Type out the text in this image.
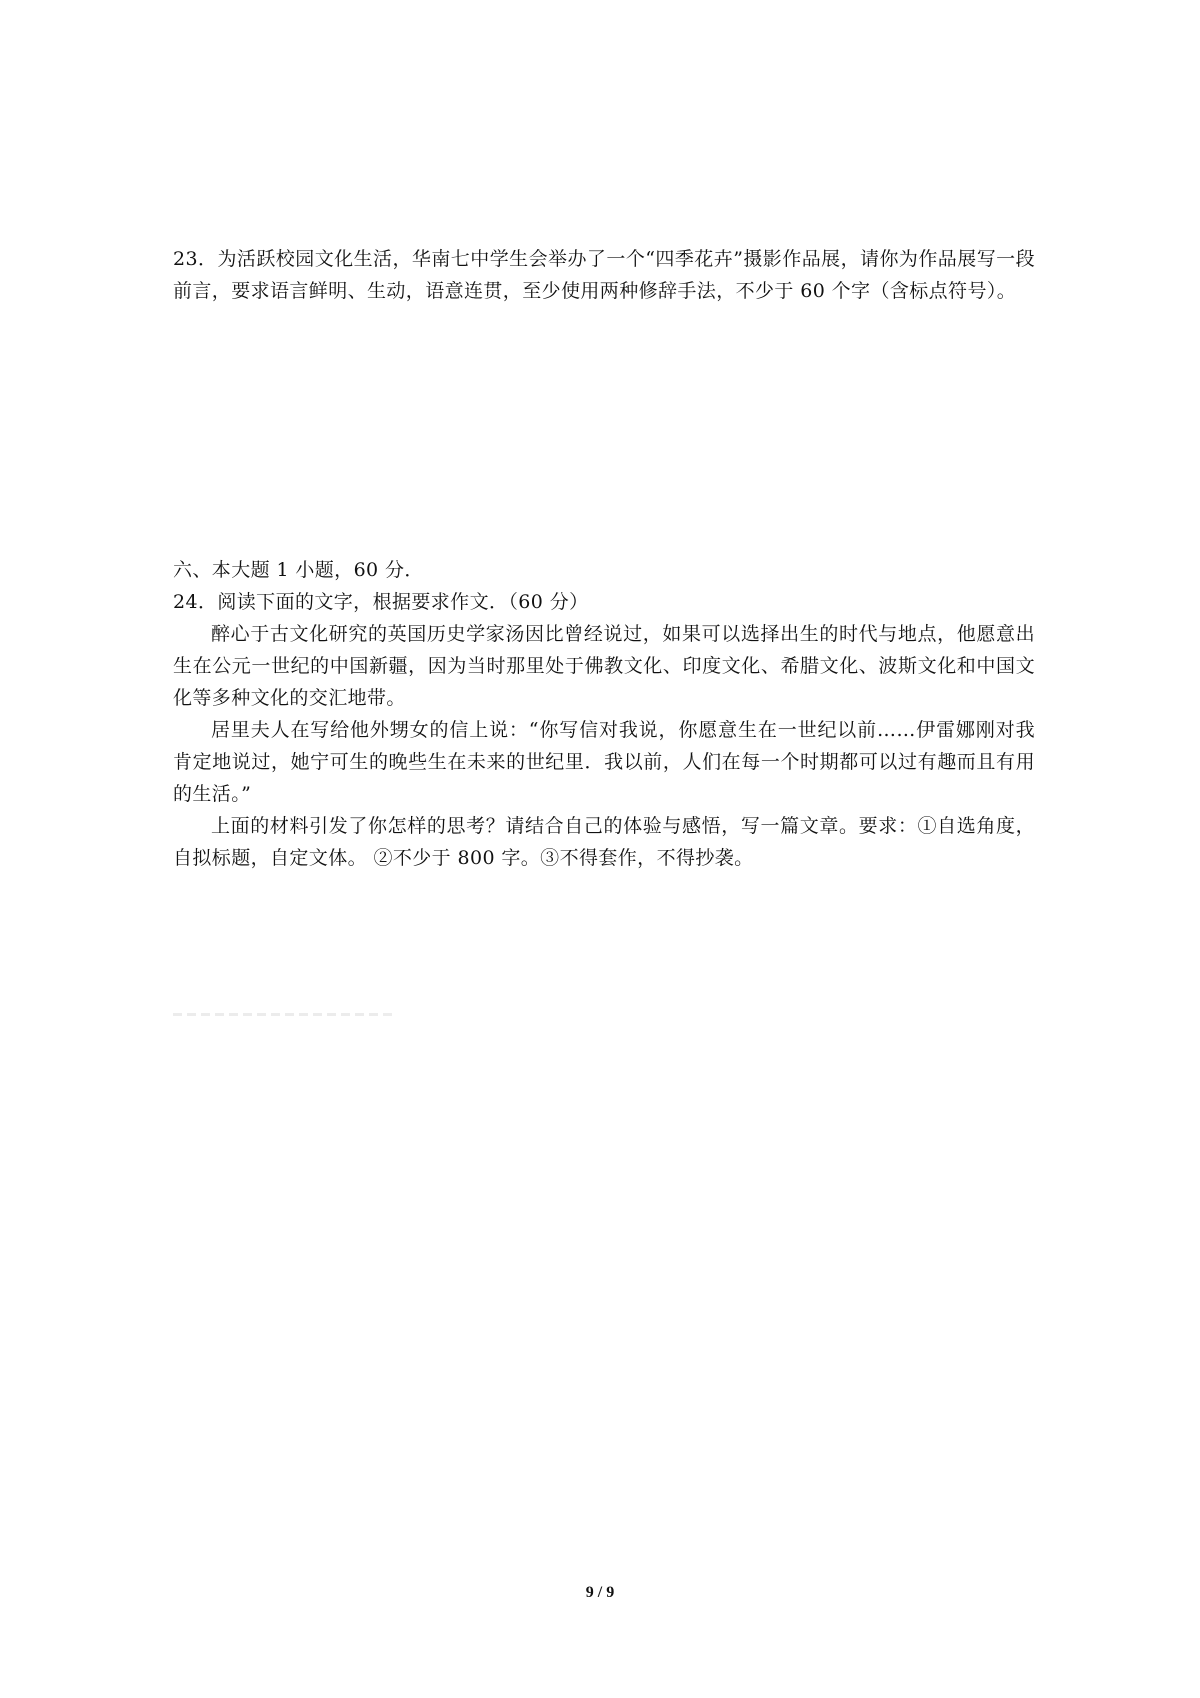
23．为活跃校园文化生活，华南七中学生会举办了一个“四季花卉”摄影作品展，请你为作品展写一段前言，要求语言鲜明、生动，语意连贯，至少使用两种修辞手法，不少于 60 个字（含标点符号）。

六、本大题 1 小题，60 分．

24．阅读下面的文字，根据要求作文．（60 分）

醉心于古文化研究的英国历史学家汤因比曾经说过，如果可以选择出生的时代与地点，他愿意出生在公元一世纪的中国新疆，因为当时那里处于佛教文化、印度文化、希腊文化、波斯文化和中国文化等多种文化的交汇地带。

居里夫人在写给他外甥女的信上说：“你写信对我说，你愿意生在一世纪以前……伊雷娜刚对我肯定地说过，她宁可生的晚些生在未来的世纪里．我以前，人们在每一个时期都可以过有趣而且有用的生活。”

上面的材料引发了你怎样的思考？请结合自己的体验与感悟，写一篇文章。要求：①自选角度，自拟标题，自定文体。 ②不少于 800 字。③不得套作，不得抄袭。

9 / 9
